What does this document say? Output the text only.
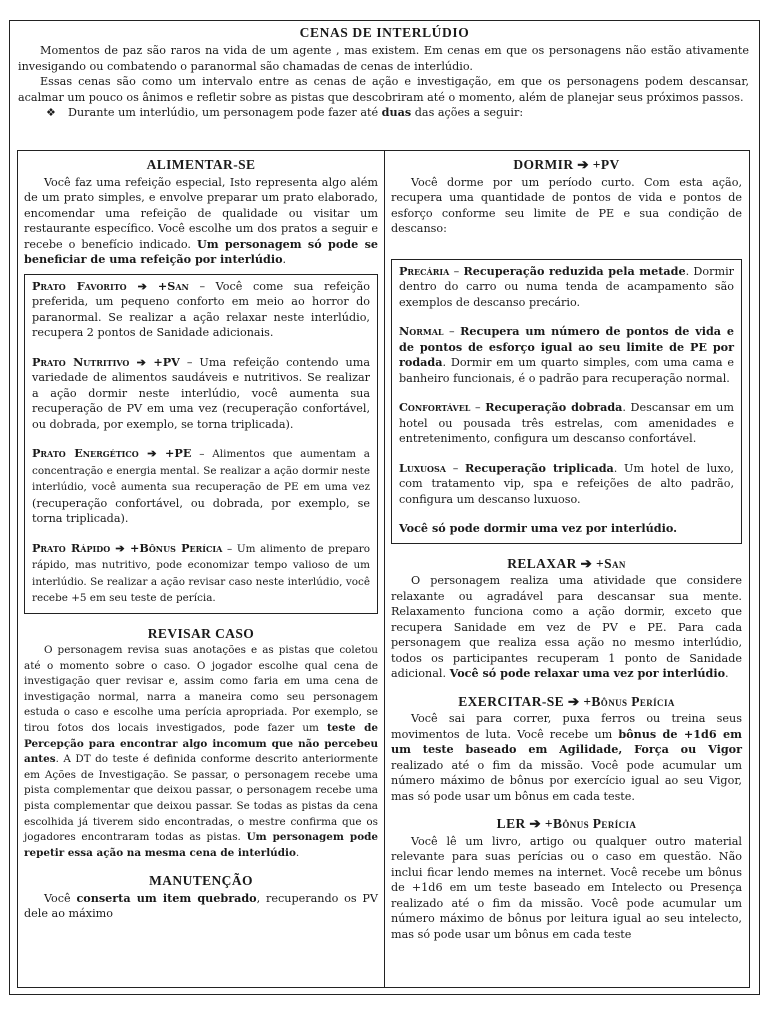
CENAS DE INTERLÚDIO

Momentos de paz são raros na vida de um agente , mas existem. Em cenas em que os personagens não estão ativamente invesigando ou combatendo o paranormal são chamadas de cenas de interlúdio.

Essas cenas são como um intervalo entre as cenas de ação e investigação, em que os personagens podem descansar, acalmar um pouco os ânimos e refletir sobre as pistas que descobriram até o momento, além de planejar seus próximos passos.

❖ Durante um interlúdio, um personagem pode fazer até duas das ações a seguir:

ALIMENTAR-SE

Você faz uma refeição especial, Isto representa algo além de um prato simples, e envolve preparar um prato elaborado, encomendar uma refeição de qualidade ou visitar um restaurante específico. Você escolhe um dos pratos a seguir e recebe o benefício indicado. Um personagem só pode se beneficiar de uma refeição por interlúdio.

Prato Favorito ➔ +San – Você come sua refeição preferida, um pequeno conforto em meio ao horror do paranormal. Se realizar a ação relaxar neste interlúdio, recupera 2 pontos de Sanidade adicionais.

Prato Nutritivo ➔ +PV – Uma refeição contendo uma variedade de alimentos saudáveis e nutritivos. Se realizar a ação dormir neste interlúdio, você aumenta sua recuperação de PV em uma vez (recuperação confortável, ou dobrada, por exemplo, se torna triplicada).

Prato Energético ➔ +PE – Alimentos que aumentam a concentração e energia mental. Se realizar a ação dormir neste interlúdio, você aumenta sua recuperação de PE em uma vez (recuperação confortável, ou dobrada, por exemplo, se torna triplicada).

Prato Rápido ➔ +Bônus Perícia – Um alimento de preparo rápido, mas nutritivo, pode economizar tempo valioso de um interlúdio. Se realizar a ação revisar caso neste interlúdio, você recebe +5 em seu teste de perícia.

REVISAR CASO

O personagem revisa suas anotações e as pistas que coletou até o momento sobre o caso. O jogador escolhe qual cena de investigação quer revisar e, assim como faria em uma cena de investigação normal, narra a maneira como seu personagem estuda o caso e escolhe uma perícia apropriada. Por exemplo, se tirou fotos dos locais investigados, pode fazer um teste de Percepção para encontrar algo incomum que não percebeu antes. A DT do teste é definida conforme descrito anteriormente em Ações de Investigação. Se passar, o personagem recebe uma pista complementar que deixou passar, o personagem recebe uma pista complementar que deixou passar. Se todas as pistas da cena escolhida já tiverem sido encontradas, o mestre confirma que os jogadores encontraram todas as pistas. Um personagem pode repetir essa ação na mesma cena de interlúdio.

MANUTENÇÃO

Você conserta um item quebrado, recuperando os PV dele ao máximo

DORMIR ➔ +PV

Você dorme por um período curto. Com esta ação, recupera uma quantidade de pontos de vida e pontos de esforço conforme seu limite de PE e sua condição de descanso:

Precária – Recuperação reduzida pela metade. Dormir dentro do carro ou numa tenda de acampamento são exemplos de descanso precário.

Normal – Recupera um número de pontos de vida e de pontos de esforço igual ao seu limite de PE por rodada. Dormir em um quarto simples, com uma cama e banheiro funcionais, é o padrão para recuperação normal.

Confortável – Recuperação dobrada. Descansar em um hotel ou pousada três estrelas, com amenidades e entretenimento, configura um descanso confortável.

Luxuosa – Recuperação triplicada. Um hotel de luxo, com tratamento vip, spa e refeições de alto padrão, configura um descanso luxuoso.

Você só pode dormir uma vez por interlúdio.

RELAXAR ➔ +San

O personagem realiza uma atividade que considere relaxante ou agradável para descansar sua mente. Relaxamento funciona como a ação dormir, exceto que recupera Sanidade em vez de PV e PE. Para cada personagem que realiza essa ação no mesmo interlúdio, todos os participantes recuperam 1 ponto de Sanidade adicional. Você só pode relaxar uma vez por interlúdio.

EXERCITAR-SE ➔ +Bônus Perícia

Você sai para correr, puxa ferros ou treina seus movimentos de luta. Você recebe um bônus de +1d6 em um teste baseado em Agilidade, Força ou Vigor realizado até o fim da missão. Você pode acumular um número máximo de bônus por exercício igual ao seu Vigor, mas só pode usar um bônus em cada teste.

LER ➔ +Bônus Perícia

Você lê um livro, artigo ou qualquer outro material relevante para suas perícias ou o caso em questão. Não inclui ficar lendo memes na internet. Você recebe um bônus de +1d6 em um teste baseado em Intelecto ou Presença realizado até o fim da missão. Você pode acumular um número máximo de bônus por leitura igual ao seu intelecto, mas só pode usar um bônus em cada teste
